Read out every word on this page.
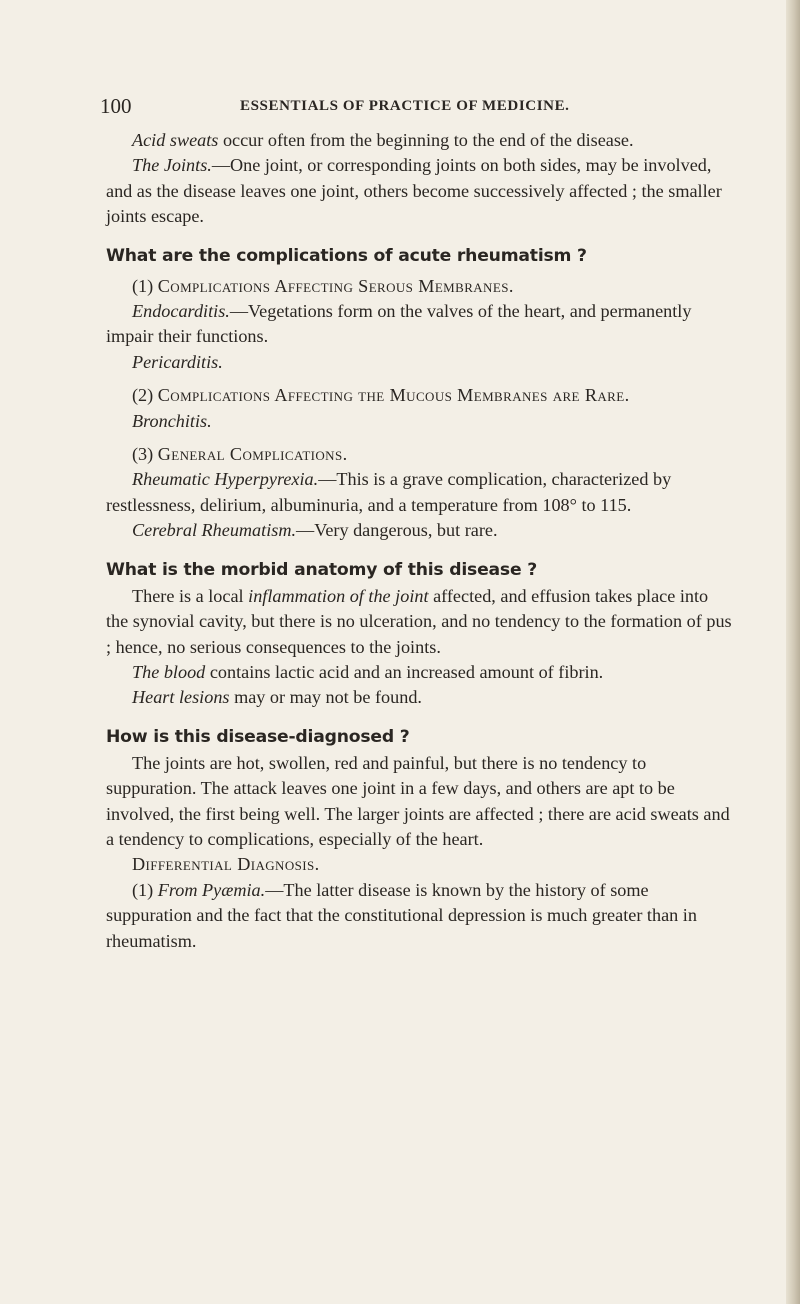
100	ESSENTIALS OF PRACTICE OF MEDICINE.

Acid sweats occur often from the beginning to the end of the disease.

The Joints.—One joint, or corresponding joints on both sides, may be involved, and as the disease leaves one joint, others become successively affected ; the smaller joints escape.

What are the complications of acute rheumatism ?

(1) Complications Affecting Serous Membranes.

Endocarditis.—Vegetations form on the valves of the heart, and permanently impair their functions.

Pericarditis.

(2) Complications Affecting the Mucous Membranes are Rare.

Bronchitis.

(3) General Complications.

Rheumatic Hyperpyrexia.—This is a grave complication, characterized by restlessness, delirium, albuminuria, and a temperature from 108° to 115.

Cerebral Rheumatism.—Very dangerous, but rare.

What is the morbid anatomy of this disease ?

There is a local inflammation of the joint affected, and effusion takes place into the synovial cavity, but there is no ulceration, and no tendency to the formation of pus ; hence, no serious consequences to the joints.

The blood contains lactic acid and an increased amount of fibrin.

Heart lesions may or may not be found.

How is this disease-diagnosed ?

The joints are hot, swollen, red and painful, but there is no tendency to suppuration. The attack leaves one joint in a few days, and others are apt to be involved, the first being well. The larger joints are affected ; there are acid sweats and a tendency to complications, especially of the heart.

Differential Diagnosis.

(1) From Pyæmia.—The latter disease is known by the history of some suppuration and the fact that the constitutional depression is much greater than in rheumatism.
